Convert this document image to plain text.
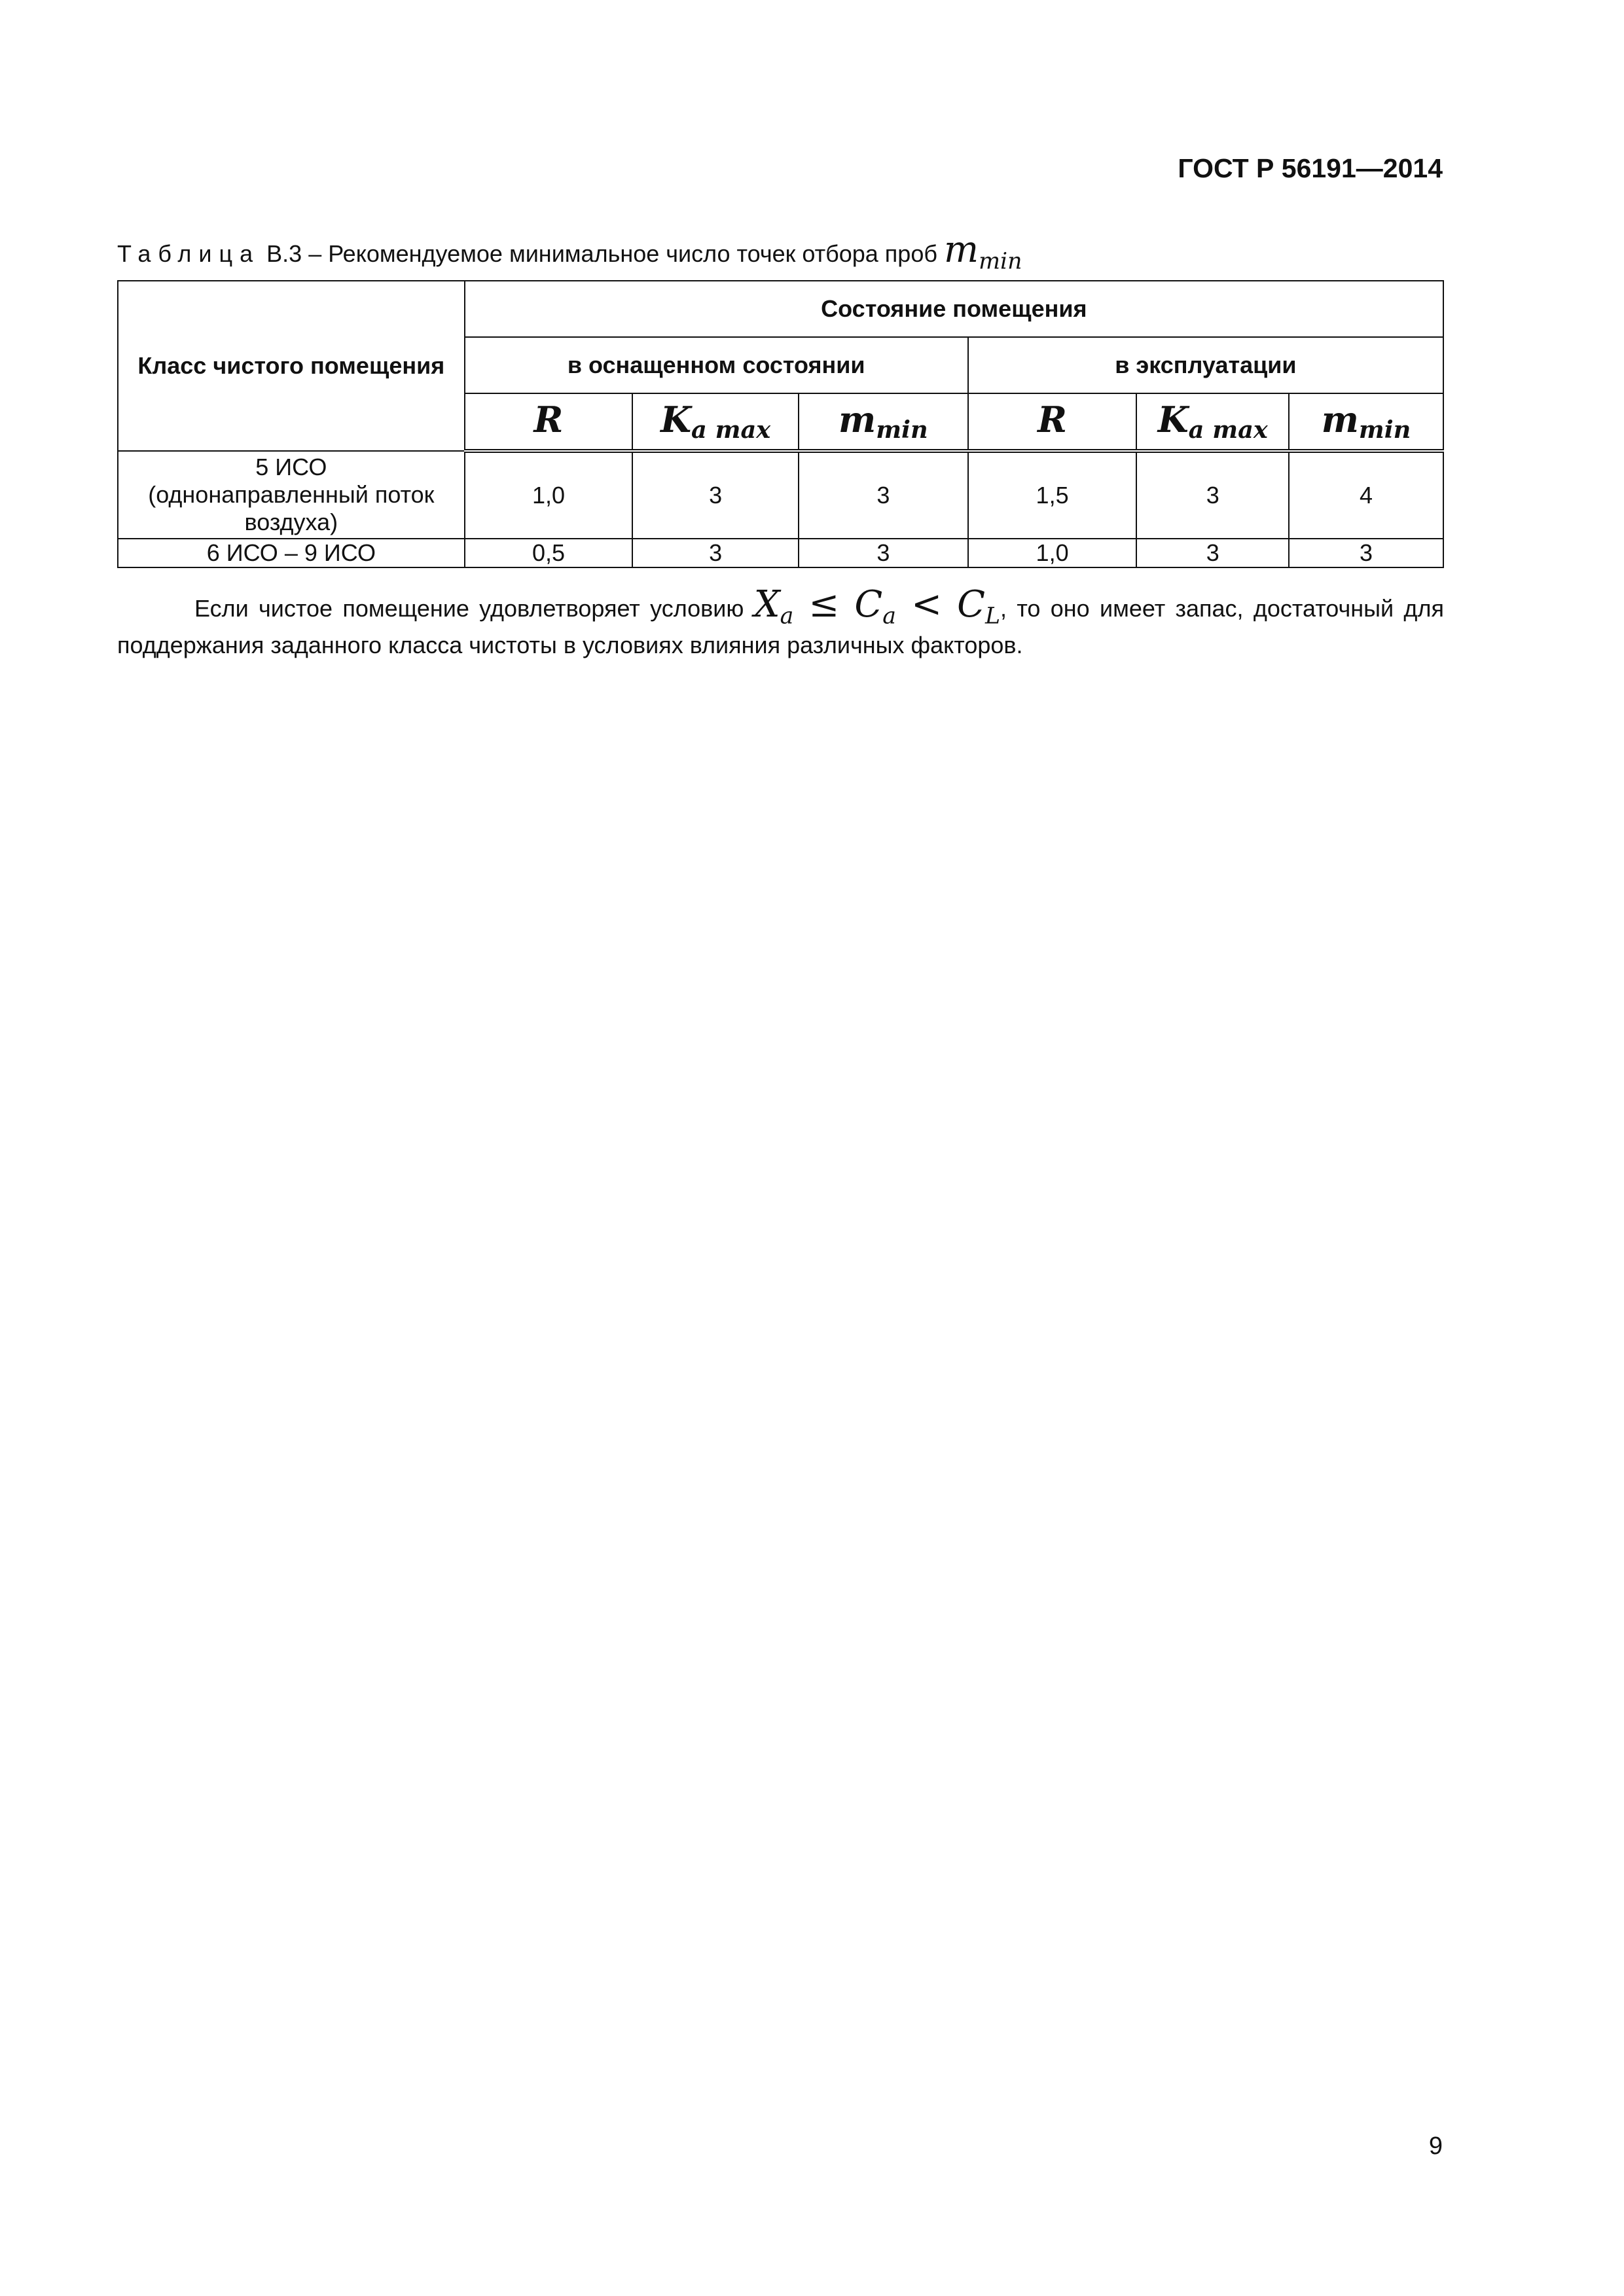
ГОСТ Р 56191—2014
Таблица В.3 – Рекомендуемое минимальное число точек отбора проб $m_{min}$
Класс чистого помещения	Состояние помещения					
	в оснащенном состоянии			в эксплуатации		
	R	$K_{a max}$	$m_{min}$	R	$K_{a max}$	$m_{min}$

5 ИСО
(однонаправленный поток
воздуха)	1,0	3	3	1,5	3	4

6 ИСО – 9 ИСО	0,5	3	3	1,0	3	3
Если чистое помещение удовлетворяет условию $X_a \le C_a < C_L$, то оно имеет запас, достаточный для поддержания заданного класса чистоты в условиях влияния различных факторов.
9
